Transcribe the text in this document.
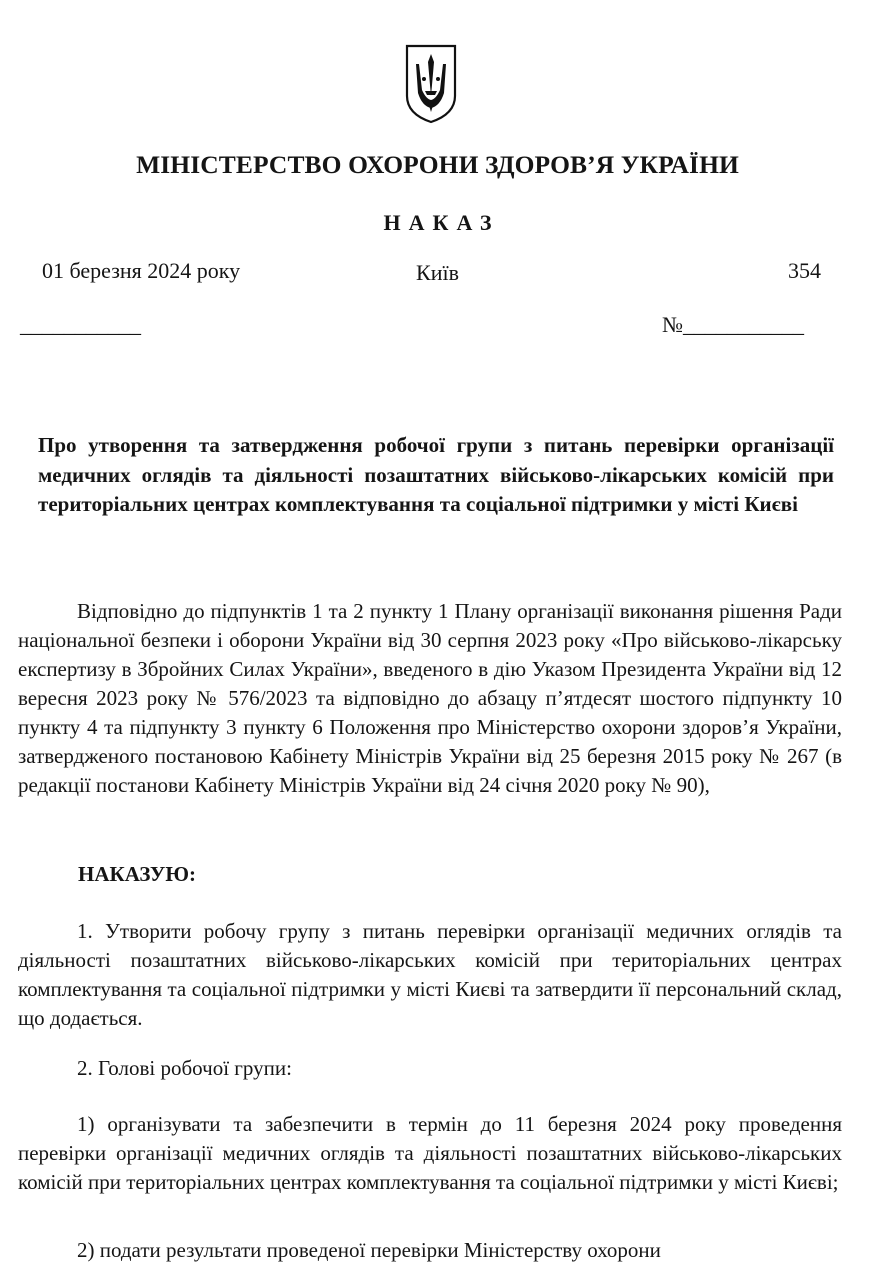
МІНІСТЕРСТВО ОХОРОНИ ЗДОРОВ’Я УКРАЇНИ
НАКАЗ
01 березня 2024 року	Київ	354
___________	№___________
Про утворення та затвердження робочої групи з питань перевірки організації медичних оглядів та діяльності позаштатних військово-лікарських комісій при територіальних центрах комплектування та соціальної підтримки у місті Києві
Відповідно до підпунктів 1 та 2 пункту 1 Плану організації виконання рішення Ради національної безпеки і оборони України від 30 серпня 2023 року «Про військово-лікарську експертизу в Збройних Силах України», введеного в дію Указом Президента України від 12 вересня 2023 року № 576/2023 та відповідно до абзацу п’ятдесят шостого підпункту 10 пункту 4 та підпункту 3 пункту 6 Положення про Міністерство охорони здоров’я України, затвердженого постановою Кабінету Міністрів України від 25 березня 2015 року № 267 (в редакції постанови Кабінету Міністрів України від 24 січня 2020 року № 90),
НАКАЗУЮ:
1. Утворити робочу групу з питань перевірки організації медичних оглядів та діяльності позаштатних військово-лікарських комісій при територіальних центрах комплектування та соціальної підтримки у місті Києві та затвердити її персональний склад, що додається.
2. Голові робочої групи:
1) організувати та забезпечити в термін до 11 березня 2024 року проведення перевірки організації медичних оглядів та діяльності позаштатних військово-лікарських комісій при територіальних центрах комплектування та соціальної підтримки у місті Києві;
2) подати результати проведеної перевірки Міністерству охорони
